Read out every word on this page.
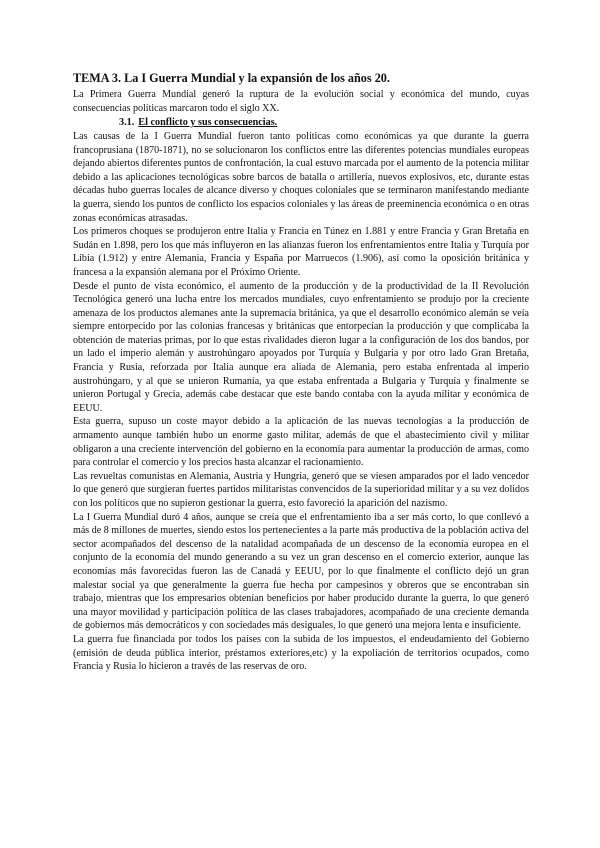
TEMA 3. La I Guerra Mundial y la expansión de los años 20.

La Primera Guerra Mundial generó la ruptura de la evolución social y económica del mundo, cuyas consecuencias políticas marcaron todo el siglo XX.

3.1. El conflicto y sus consecuencias.

Las causas de la I Guerra Mundial fueron tanto políticas como económicas ya que durante la guerra francoprusiana (1870-1871), no se solucionaron los conflictos entre las diferentes potencias mundiales europeas dejando abiertos diferentes puntos de confrontación, la cual estuvo marcada por el aumento de la potencia militar debido a las aplicaciones tecnológicas sobre barcos de batalla o artillería, nuevos explosivos, etc, durante estas décadas hubo guerras locales de alcance diverso y choques coloniales que se terminaron manifestando mediante la guerra, siendo los puntos de conflicto los espacios coloniales y las áreas de preeminencia económica o en otras zonas económicas atrasadas.

Los primeros choques se produjeron entre Italia y Francia en Túnez en 1.881 y entre Francia y Gran Bretaña en Sudán en 1.898, pero los que más influyeron en las alianzas fueron los enfrentamientos entre Italia y Turquía por Libia (1.912) y entre Alemania, Francia y España por Marruecos (1.906), así como la oposición británica y francesa a la expansión alemana por el Próximo Oriente.

Desde el punto de vista económico, el aumento de la producción y de la productividad de la II Revolución Tecnológica generó una lucha entre los mercados mundiales, cuyo enfrentamiento se produjo por la creciente amenaza de los productos alemanes ante la supremacía británica, ya que el desarrollo económico alemán se veía siempre entorpecido por las colonias francesas y británicas que entorpecían la producción y que complicaba la obtención de materias primas, por lo que estas rivalidades dieron lugar a la configuración de los dos bandos, por un lado el imperio alemán y austrohúngaro apoyados por Turquía y Bulgaria y por otro lado Gran Bretaña, Francia y Rusia, reforzada por Italia aunque era aliada de Alemania, pero estaba enfrentada al imperio austrohúngaro, y al que se unieron Rumanía, ya que estaba enfrentada a Bulgaria y Turquía y finalmente se unieron Portugal y Grecia, además cabe destacar que este bando contaba con la ayuda militar y económica de EEUU.

Esta guerra, supuso un coste mayor debido a la aplicación de las nuevas tecnologías a la producción de armamento aunque también hubo un enorme gasto militar, además de que el abastecimiento civil y militar obligaron a una creciente intervención del gobierno en la economía para aumentar la producción de armas, como para controlar el comercio y los precios hasta alcanzar el racionamiento.

Las revueltas comunistas en Alemania, Austria y Hungría, generó que se viesen amparados por el lado vencedor lo que generó que surgieran fuertes partidos militaristas convencidos de la superioridad militar y a su vez dolidos con los políticos que no supieron gestionar la guerra, esto favoreció la aparición del nazismo.

La I Guerra Mundial duró 4 años, aunque se creía que el enfrentamiento iba a ser más corto, lo que conllevó a más de 8 millones de muertes, siendo estos los pertenecientes a la parte más productiva de la población activa del sector acompañados del descenso de la natalidad acompañada de un descenso de la economía europea en el conjunto de la economía del mundo generando a su vez un gran descenso en el comercio exterior, aunque las economías más favorecidas fueron las de Canadá y EEUU, por lo que finalmente el conflicto dejó un gran malestar social ya que generalmente la guerra fue hecha por campesinos y obreros que se encontraban sin trabajo, mientras que los empresarios obtenían beneficios por haber producido durante la guerra, lo que generó una mayor movilidad y participación política de las clases trabajadores, acompañado de una creciente demanda de gobiernos más democráticos y con sociedades más desiguales, lo que generó una mejora lenta e insuficiente.

La guerra fue financiada por todos los países con la subida de los impuestos, el endeudamiento del Gobierno (emisión de deuda pública interior, préstamos exteriores,etc) y la expoliación de territorios ocupados, como Francia y Rusia lo hicieron a través de las reservas de oro.
